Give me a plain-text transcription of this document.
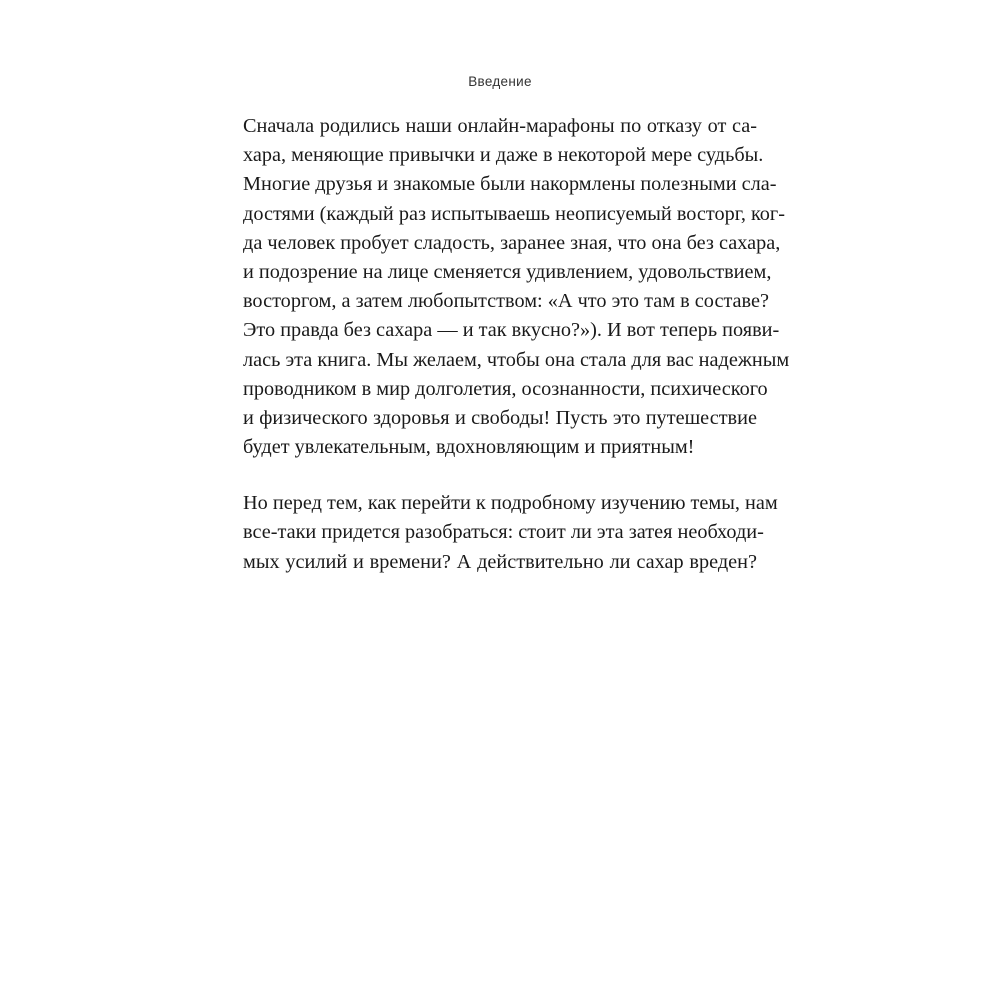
Введение

Сначала родились наши онлайн-марафоны по отказу от са-
хара, меняющие привычки и даже в некоторой мере судьбы.
Многие друзья и знакомые были накормлены полезными сла-
достями (каждый раз испытываешь неописуемый восторг, ког-
да человек пробует сладость, заранее зная, что она без сахара,
и подозрение на лице сменяется удивлением, удовольствием,
восторгом, а затем любопытством: «А что это там в составе?
Это правда без сахара — и так вкусно?»). И вот теперь появи-
лась эта книга. Мы желаем, чтобы она стала для вас надежным
проводником в мир долголетия, осознанности, психического
и физического здоровья и свободы! Пусть это путешествие
будет увлекательным, вдохновляющим и приятным!

Но перед тем, как перейти к подробному изучению темы, нам
все-таки придется разобраться: стоит ли эта затея необходи-
мых усилий и времени? А действительно ли сахар вреден?
